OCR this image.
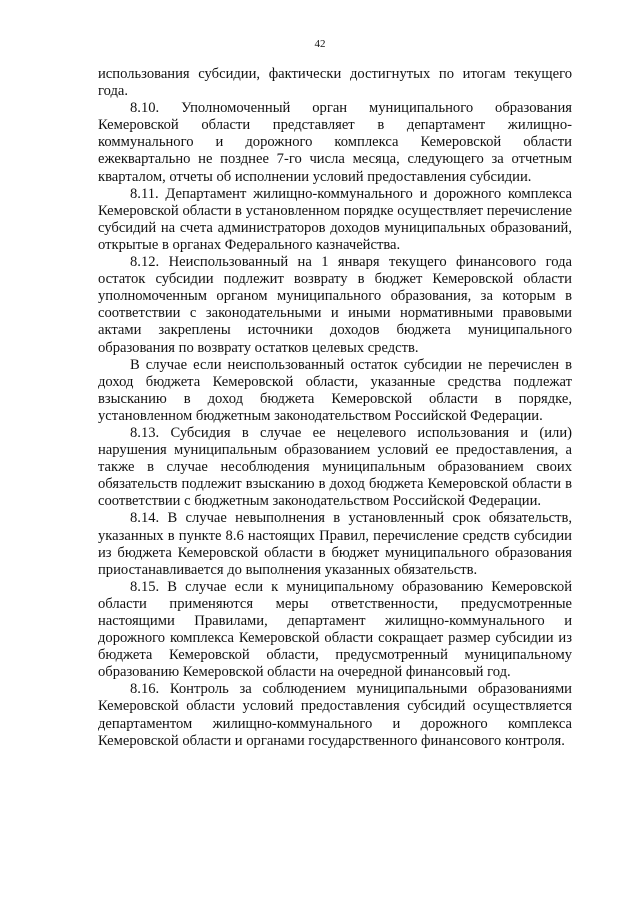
42

использования субсидии, фактически достигнутых по итогам текущего года.

8.10. Уполномоченный орган муниципального образования Кемеровской области представляет в департамент жилищно-коммунального и дорожного комплекса Кемеровской области ежеквартально не позднее 7-го числа месяца, следующего за отчетным кварталом, отчеты об исполнении условий предоставления субсидии.

8.11. Департамент жилищно-коммунального и дорожного комплекса Кемеровской области в установленном порядке осуществляет перечисление субсидий на счета администраторов доходов муниципальных образований, открытые в органах Федерального казначейства.

8.12. Неиспользованный на 1 января текущего финансового года остаток субсидии подлежит возврату в бюджет Кемеровской области уполномоченным органом муниципального образования, за которым в соответствии с законодательными и иными нормативными правовыми актами закреплены источники доходов бюджета муниципального образования по возврату остатков целевых средств.

В случае если неиспользованный остаток субсидии не перечислен в доход бюджета Кемеровской области, указанные средства подлежат взысканию в доход бюджета Кемеровской области в порядке, установленном бюджетным законодательством Российской Федерации.

8.13. Субсидия в случае ее нецелевого использования и (или) нарушения муниципальным образованием условий ее предоставления, а также в случае несоблюдения муниципальным образованием своих обязательств подлежит взысканию в доход бюджета Кемеровской области в соответствии с бюджетным законодательством Российской Федерации.

8.14. В случае невыполнения в установленный срок обязательств, указанных в пункте 8.6 настоящих Правил, перечисление средств субсидии из бюджета Кемеровской области в бюджет муниципального образования приостанавливается до выполнения указанных обязательств.

8.15. В случае если к муниципальному образованию Кемеровской области применяются меры ответственности, предусмотренные настоящими Правилами, департамент жилищно-коммунального и дорожного комплекса Кемеровской области сокращает размер субсидии из бюджета Кемеровской области, предусмотренный муниципальному образованию Кемеровской области на очередной финансовый год.

8.16. Контроль за соблюдением муниципальными образованиями Кемеровской области условий предоставления субсидий осуществляется департаментом жилищно-коммунального и дорожного комплекса Кемеровской области и органами государственного финансового контроля.
